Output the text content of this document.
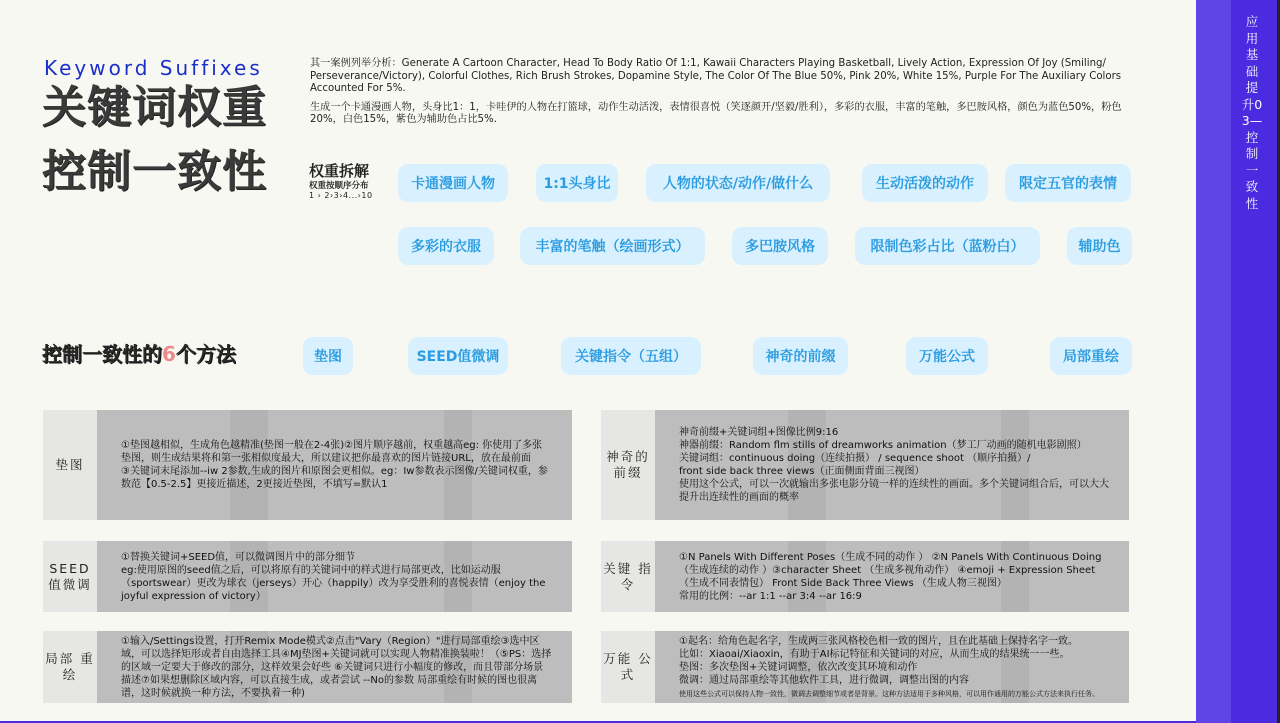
Keyword Suffixes
关键词权重
控制一致性

其一案例列举分析：Generate A Cartoon Character, Head To Body Ratio Of 1:1, Kawaii Characters Playing Basketball, Lively Action, Expression Of Joy (Smiling/ Perseverance/Victory), Colorful Clothes, Rich Brush Strokes, Dopamine Style, The Color Of The Blue 50%, Pink 20%, White 15%, Purple For The Auxiliary Colors Accounted For 5%.

生成一个卡通漫画人物，头身比1：1，卡哇伊的人物在打篮球，动作生动活泼，表情很喜悦（笑逐颜开/坚毅/胜利），多彩的衣服，丰富的笔触，多巴胺风格，颜色为蓝色50%，粉色20%，白色15%，紫色为辅助色占比5%.

权重拆解
权重按顺序分布
1 › 2›3›4...›10
卡通漫画人物	1:1头身比	人物的状态/动作/做什么	生动活泼的动作	限定五官的表情
多彩的衣服	丰富的笔触（绘画形式）	多巴胺风格	限制色彩占比（蓝粉白）	辅助色
控制一致性的6个方法	垫图	SEED值微调	关键指令（五组）	神奇的前缀	万能公式	局部重绘
垫图
①垫图越相似，生成角色越精准(垫图一般在2-4张)②图片顺序越前，权重越高eg: 你使用了多张垫图，则生成结果将和第一张相似度最大，所以建议把你最喜欢的图片链接URL，放在最前面
③关键词末尾添加--iw 2参数,生成的图片和原图会更相似。eg：Iw参数表示图像/关键词权重，参数范【0.5-2.5】更接近描述，2更接近垫图，不填写=默认1
SEED 值微调
①替换关键词+SEED值，可以微调图片中的部分细节
eg:使用原图的seed值之后，可以将原有的关键词中的样式进行局部更改，比如运动服（sportswear）更改为球衣（jerseys）开心（happily）改为享受胜利的喜悦表情（enjoy the joyful expression of victory）
局部 重绘
①输入/Settings设置，打开Remix Mode模式②点击"Vary（Region）"进行局部重绘③选中区域，可以选择矩形或者自由选择工具④MJ垫图+关键词就可以实现人物精准换装啦！（⑤PS：选择的区域一定要大于修改的部分，这样效果会好些 ⑥关键词只进行小幅度的修改，而且带部分场景描述⑦如果想删除区域内容，可以直接生成，或者尝试 --No的参数 局部重绘有时候的图也很离谱，这时候就换一种方法，不要执着一种)
神奇的 前缀
神奇前缀+关键词组+图像比例9:16
神器前缀：Random flm stills of dreamworks animation（梦工厂动画的随机电影剧照）
关键词组：continuous doing（连续拍摄） / sequence shoot （顺序拍摄）/
front side back three views（正面侧面背面三视图）
使用这个公式，可以一次就输出多张电影分镜一样的连续性的画面。多个关键词组合后，可以大大提升出连续性的画面的概率
关键 指令
①N Panels With Different Poses（生成不同的动作 ） ②N Panels With Continuous Doing （生成连续的动作 ）③character Sheet （生成多视角动作） ④emoji + Expression Sheet（生成不同表情包） Front Side Back Three Views （生成人物三视图）
常用的比例：--ar 1:1 --ar 3:4 --ar 16:9
万能 公式
①起名：给角色起名字，生成两三张风格校色相一致的图片，且在此基础上保持名字一致。
比如：Xiaoai/Xiaoxin，有助于AI标记特征和关键词的对应，从而生成的结果统一一些。
垫图：多次垫图+关键词调整，依次改变其环境和动作
微调：通过局部重绘等其他软件工具，进行微调，调整出图的内容
使用这些公式可以保持人物一致性，微调去调整细节或者是背景。这种方法适用于多种风格，可以用作通用的万能公式方法来执行任务。
应用基础提升03—控制一致性
